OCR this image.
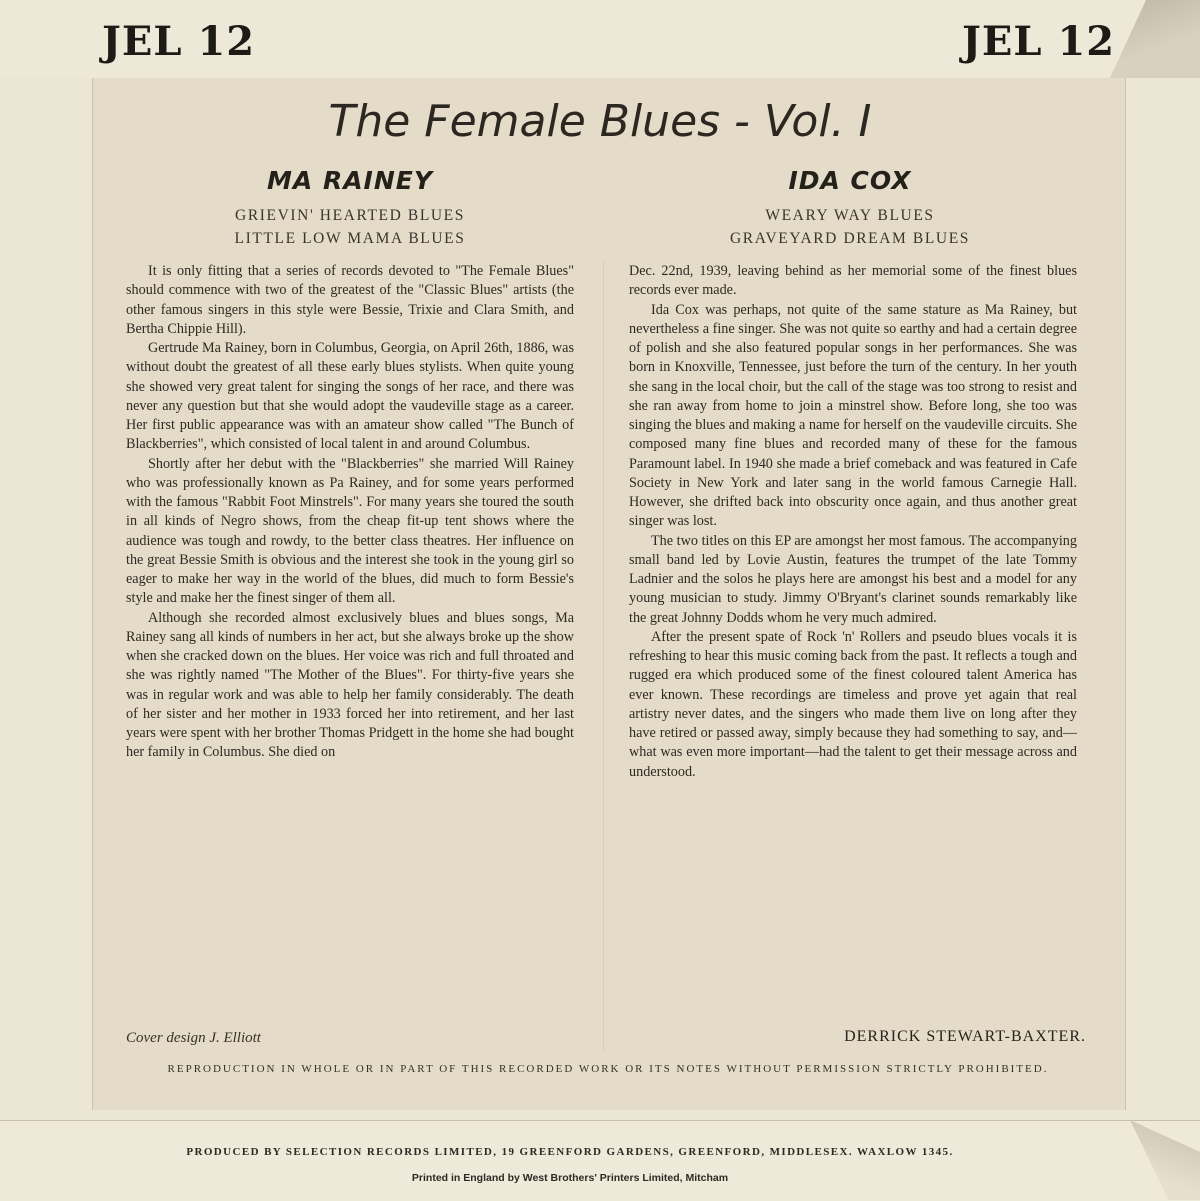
JEL 12	JEL 12
The Female Blues - Vol. I
MA RAINEY	IDA COX
GRIEVIN' HEARTED BLUES
LITTLE LOW MAMA BLUES
WEARY WAY BLUES
GRAVEYARD DREAM BLUES

It is only fitting that a series of records devoted to "The Female Blues" should commence with two of the greatest of the "Classic Blues" artists (the other famous singers in this style were Bessie, Trixie and Clara Smith, and Bertha Chippie Hill).

Gertrude Ma Rainey, born in Columbus, Georgia, on April 26th, 1886, was without doubt the greatest of all these early blues stylists. When quite young she showed very great talent for singing the songs of her race, and there was never any question but that she would adopt the vaudeville stage as a career. Her first public appearance was with an amateur show called "The Bunch of Blackberries", which consisted of local talent in and around Columbus.

Shortly after her debut with the "Blackberries" she married Will Rainey who was professionally known as Pa Rainey, and for some years performed with the famous "Rabbit Foot Minstrels". For many years she toured the south in all kinds of Negro shows, from the cheap fit-up tent shows where the audience was tough and rowdy, to the better class theatres. Her influence on the great Bessie Smith is obvious and the interest she took in the young girl so eager to make her way in the world of the blues, did much to form Bessie's style and make her the finest singer of them all.

Although she recorded almost exclusively blues and blues songs, Ma Rainey sang all kinds of numbers in her act, but she always broke up the show when she cracked down on the blues. Her voice was rich and full throated and she was rightly named "The Mother of the Blues". For thirty-five years she was in regular work and was able to help her family considerably. The death of her sister and her mother in 1933 forced her into retirement, and her last years were spent with her brother Thomas Pridgett in the home she had bought her family in Columbus. She died on

Dec. 22nd, 1939, leaving behind as her memorial some of the finest blues records ever made.

Ida Cox was perhaps, not quite of the same stature as Ma Rainey, but nevertheless a fine singer. She was not quite so earthy and had a certain degree of polish and she also featured popular songs in her performances. She was born in Knoxville, Tennessee, just before the turn of the century. In her youth she sang in the local choir, but the call of the stage was too strong to resist and she ran away from home to join a minstrel show. Before long, she too was singing the blues and making a name for herself on the vaudeville circuits. She composed many fine blues and recorded many of these for the famous Paramount label. In 1940 she made a brief comeback and was featured in Cafe Society in New York and later sang in the world famous Carnegie Hall. However, she drifted back into obscurity once again, and thus another great singer was lost.

The two titles on this EP are amongst her most famous. The accompanying small band led by Lovie Austin, features the trumpet of the late Tommy Ladnier and the solos he plays here are amongst his best and a model for any young musician to study. Jimmy O'Bryant's clarinet sounds remarkably like the great Johnny Dodds whom he very much admired.

After the present spate of Rock 'n' Rollers and pseudo blues vocals it is refreshing to hear this music coming back from the past. It reflects a tough and rugged era which produced some of the finest coloured talent America has ever known. These recordings are timeless and prove yet again that real artistry never dates, and the singers who made them live on long after they have retired or passed away, simply because they had something to say, and—what was even more important—had the talent to get their message across and understood.

Cover design J. Elliott	DERRICK STEWART-BAXTER.
REPRODUCTION IN WHOLE OR IN PART OF THIS RECORDED WORK OR ITS NOTES WITHOUT PERMISSION STRICTLY PROHIBITED.
PRODUCED BY SELECTION RECORDS LIMITED, 19 GREENFORD GARDENS, GREENFORD, MIDDLESEX. WAXLOW 1345.
Printed in England by West Brothers' Printers Limited, Mitcham
